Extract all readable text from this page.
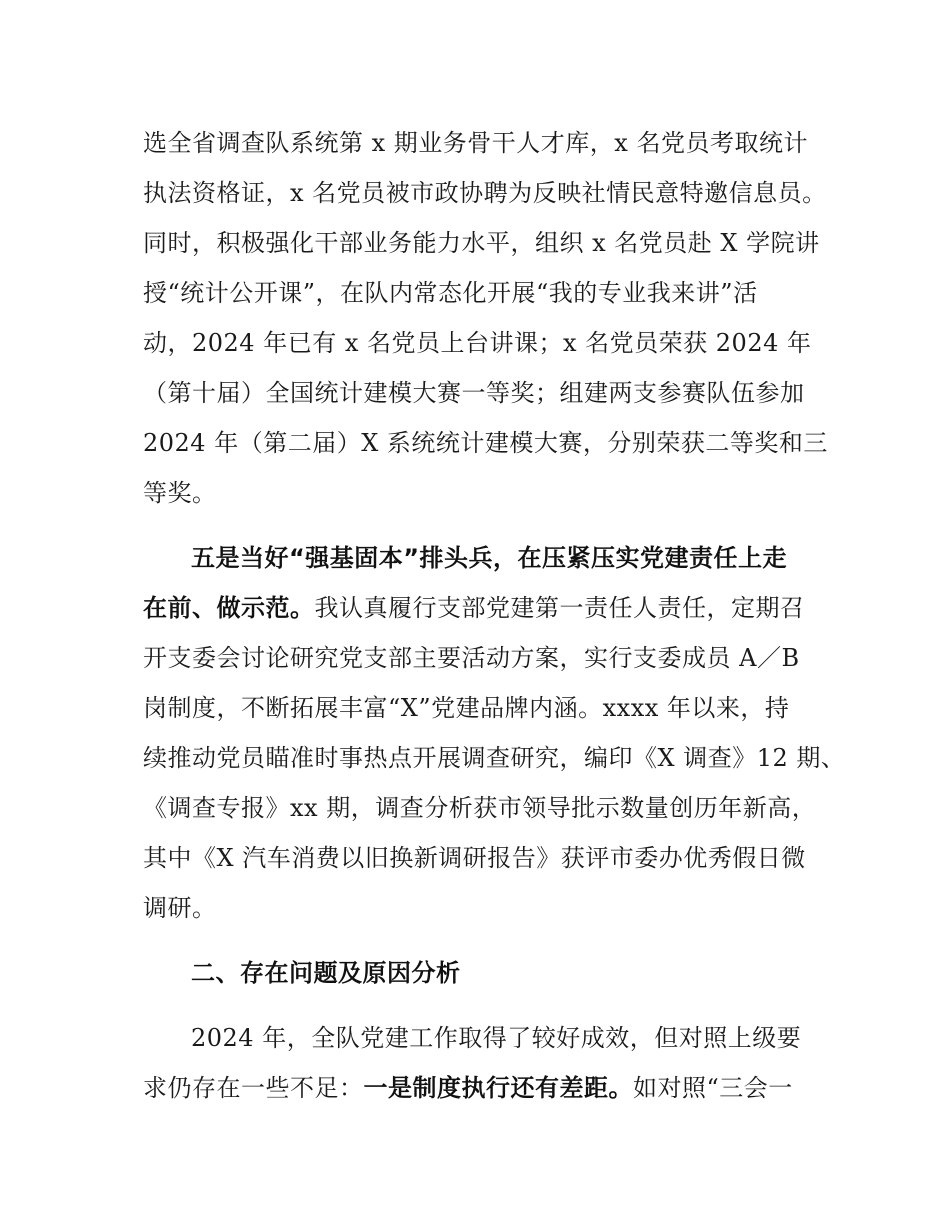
选全省调查队系统第 x 期业务骨干人才库，x 名党员考取统计
执法资格证，x 名党员被市政协聘为反映社情民意特邀信息员。
同时，积极强化干部业务能力水平，组织 x 名党员赴 X 学院讲
授“统计公开课”，在队内常态化开展“我的专业我来讲”活
动，2024 年已有 x 名党员上台讲课；x 名党员荣获 2024 年
（第十届）全国统计建模大赛一等奖；组建两支参赛队伍参加
2024 年（第二届）X 系统统计建模大赛，分别荣获二等奖和三
等奖。
五是当好“强基固本”排头兵，在压紧压实党建责任上走
在前、做示范。我认真履行支部党建第一责任人责任，定期召
开支委会讨论研究党支部主要活动方案，实行支委成员 A／B
岗制度，不断拓展丰富“X”党建品牌内涵。xxxx 年以来，持
续推动党员瞄准时事热点开展调查研究，编印《X 调查》12 期、
《调查专报》xx 期，调查分析获市领导批示数量创历年新高，
其中《X 汽车消费以旧换新调研报告》获评市委办优秀假日微
调研。
二、存在问题及原因分析
2024 年，全队党建工作取得了较好成效，但对照上级要
求仍存在一些不足：一是制度执行还有差距。如对照“三会一
